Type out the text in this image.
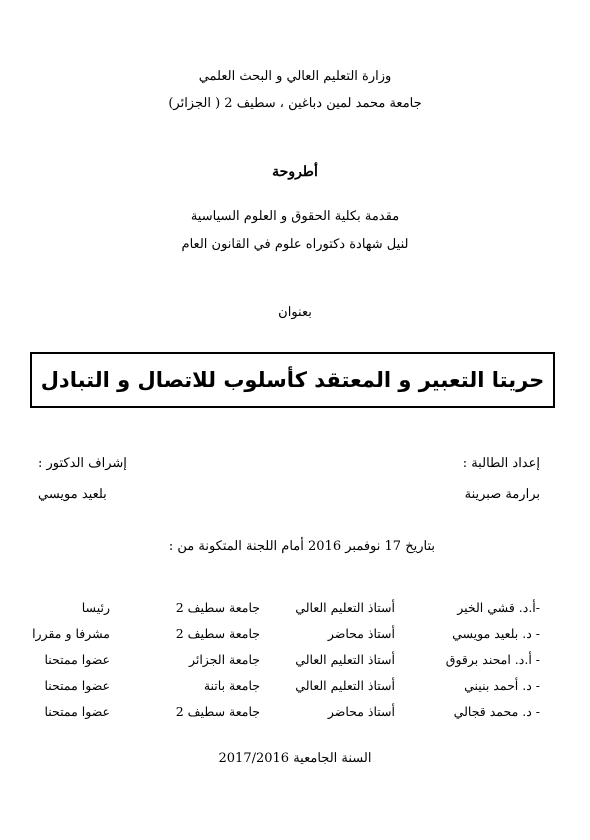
وزارة التعليم العالي و البحث العلمي
جامعة محمد لمين دباغين ، سطيف 2 ( الجزائر)
أطروحة
مقدمة بكلية الحقوق و العلوم السياسية
لنيل شهادة دكتوراه علوم في القانون العام
بعنوان
حريتا التعبير و المعتقد كأسلوب للاتصال و التبادل
إعداد الطالبة :
برارمة صبرينة
إشراف الدكتور :
بلعيد مويسي
بتاريخ 17 نوفمبر 2016 أمام اللجنة المتكونة من :
-أ.د. قشي الخير
أستاذ التعليم العالي
جامعة سطيف 2
رئيسا
- د. بلعيد مويسي
أستاذ محاضر
جامعة سطيف 2
مشرفا و مقررا
- أ.د. امحند برقوق
أستاذ التعليم العالي
جامعة الجزائر
عضوا ممتحنا
- د. أحمد بنيني
أستاذ التعليم العالي
جامعة باتنة
عضوا ممتحنا
- د. محمد قجالي
أستاذ محاضر
جامعة سطيف 2
عضوا ممتحنا
السنة الجامعية 2017/2016
